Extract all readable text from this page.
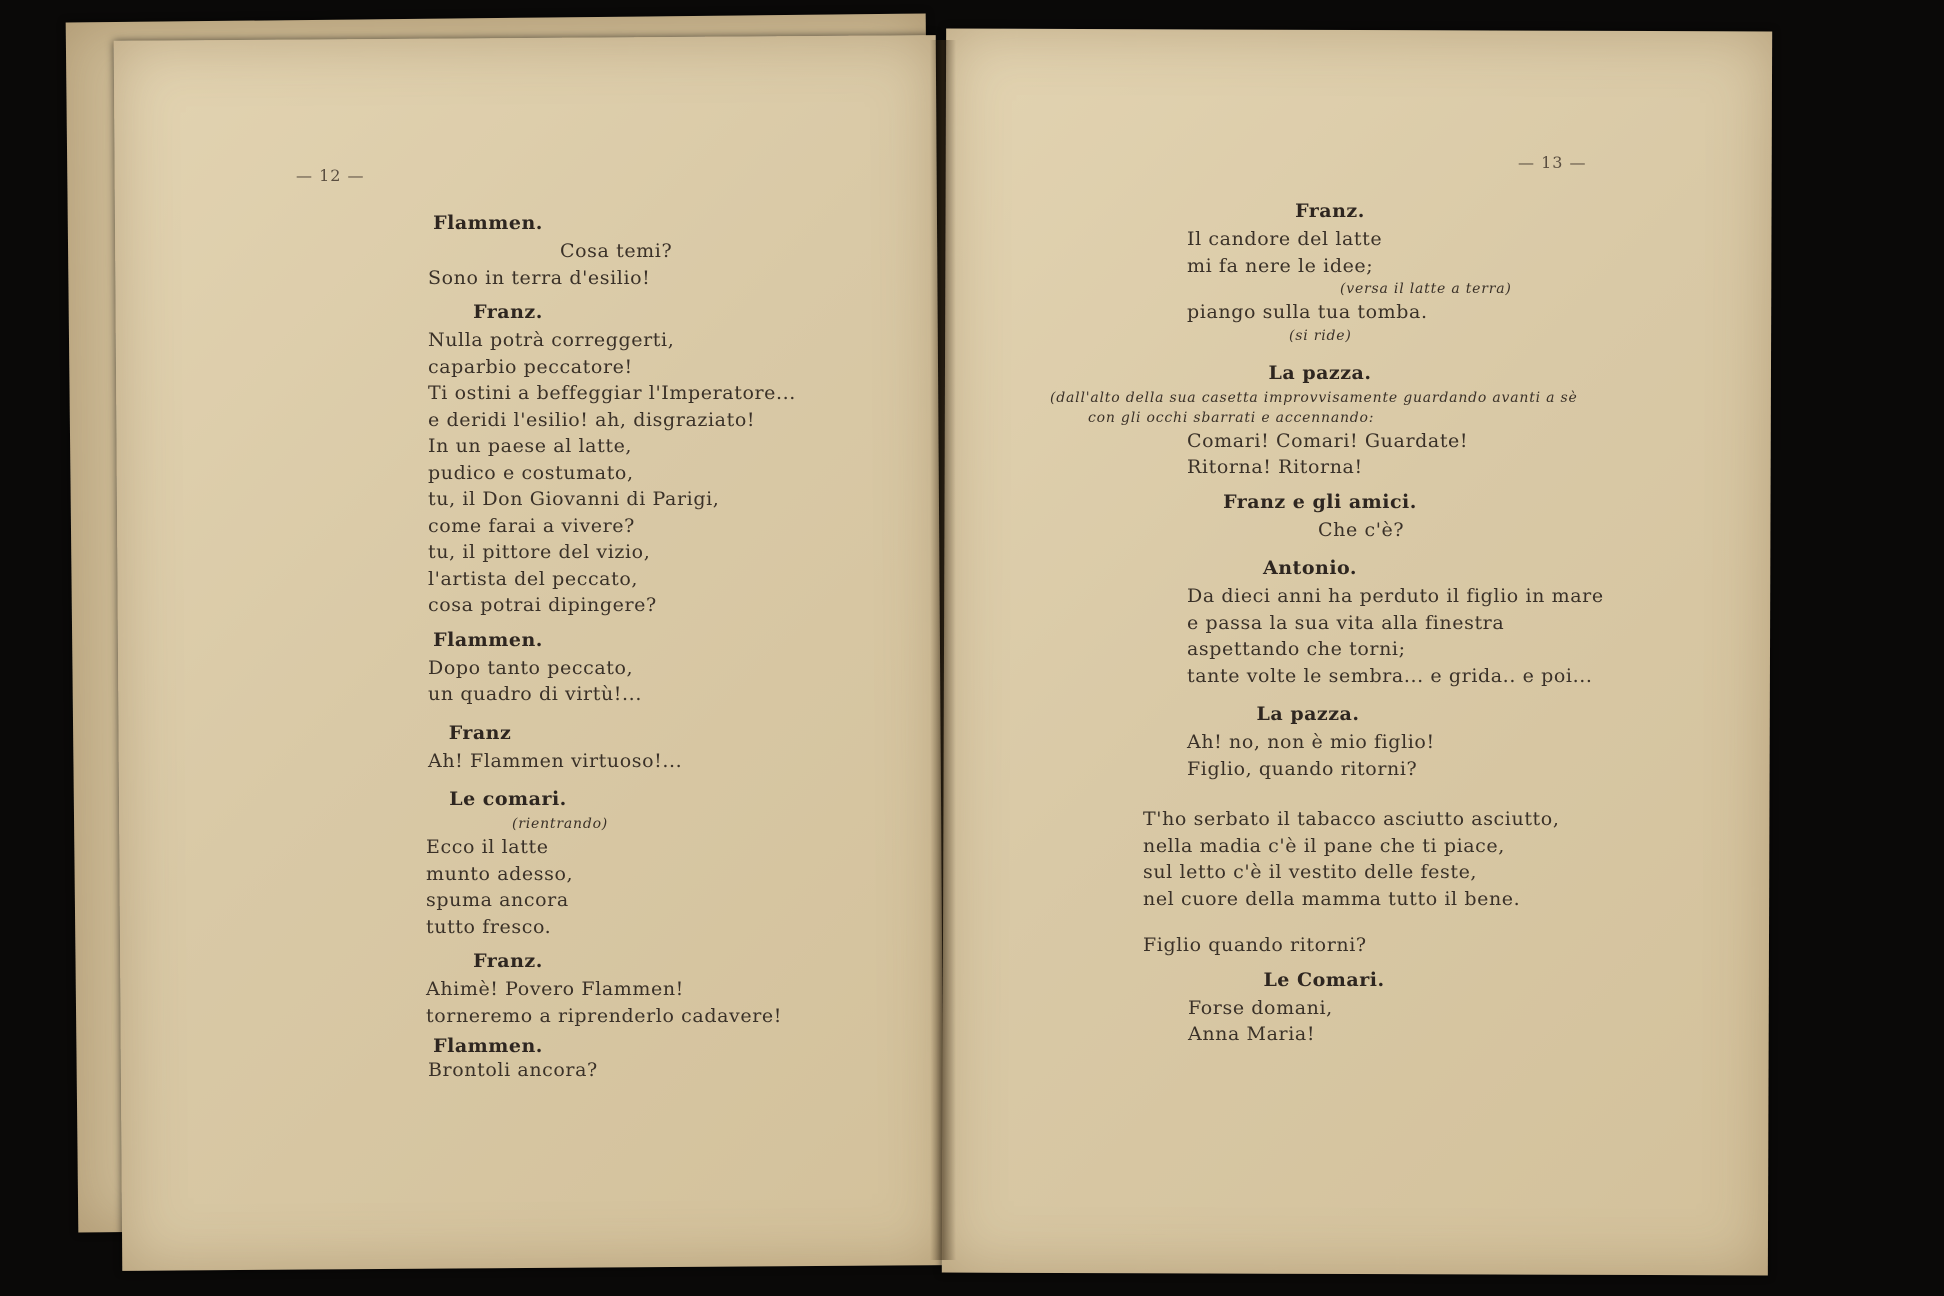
— 12 —
Flammen.
Cosa temi?
Sono in terra d'esilio!
Franz.
Nulla potrà correggerti,
caparbio peccatore!
Ti ostini a beffeggiar l'Imperatore...
e deridi l'esilio! ah, disgraziato!
In un paese al latte,
pudico e costumato,
tu, il Don Giovanni di Parigi,
come farai a vivere?
tu, il pittore del vizio,
l'artista del peccato,
cosa potrai dipingere?
Flammen.
Dopo tanto peccato,
un quadro di virtù!...
Franz
Ah! Flammen virtuoso!...
Le comari.
(rientrando)
Ecco il latte
munto adesso,
spuma ancora
tutto fresco.
Franz.
Ahimè! Povero Flammen!
torneremo a riprenderlo cadavere!
Flammen.
Brontoli ancora?
— 13 —
Franz.
Il candore del latte
mi fa nere le idee;
(versa il latte a terra)
piango sulla tua tomba.
(si ride)
La pazza.
(dall'alto della sua casetta improvvisamente guardando avanti a sè
con gli occhi sbarrati e accennando:
Comari! Comari! Guardate!
Ritorna! Ritorna!
Franz e gli amici.
Che c'è?
Antonio.
Da dieci anni ha perduto il figlio in mare
e passa la sua vita alla finestra
aspettando che torni;
tante volte le sembra... e grida.. e poi...
La pazza.
Ah! no, non è mio figlio!
Figlio, quando ritorni?
T'ho serbato il tabacco asciutto asciutto,
nella madia c'è il pane che ti piace,
sul letto c'è il vestito delle feste,
nel cuore della mamma tutto il bene.
Figlio quando ritorni?
Le Comari.
Forse domani,
Anna Maria!
